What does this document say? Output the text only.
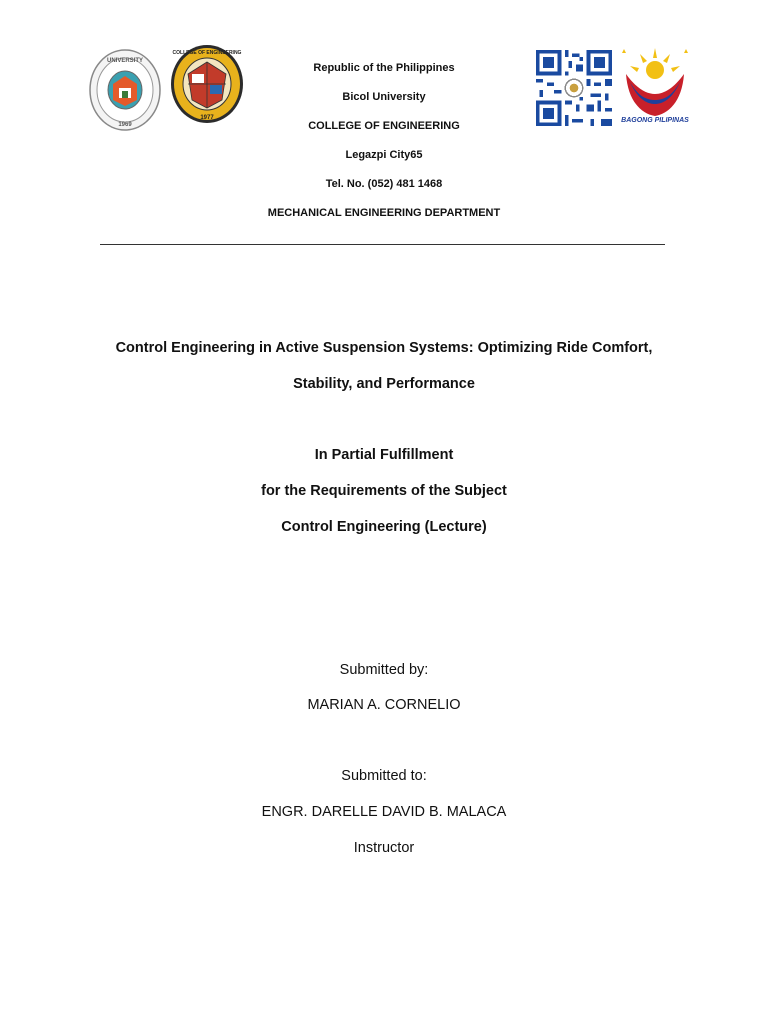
UNIVERSITY
1969
COLLEGE OF ENGINEERING
1977	BAGONG PILIPINAS
Republic of the Philippines
Bicol University
COLLEGE OF ENGINEERING
Legazpi City65
Tel. No. (052) 481 1468
MECHANICAL ENGINEERING DEPARTMENT
Control Engineering in Active Suspension Systems: Optimizing Ride Comfort,
Stability, and Performance
In Partial Fulfillment
for the Requirements of the Subject
Control Engineering (Lecture)
Submitted by:
MARIAN A. CORNELIO
Submitted to:
ENGR. DARELLE DAVID B. MALACA
Instructor
